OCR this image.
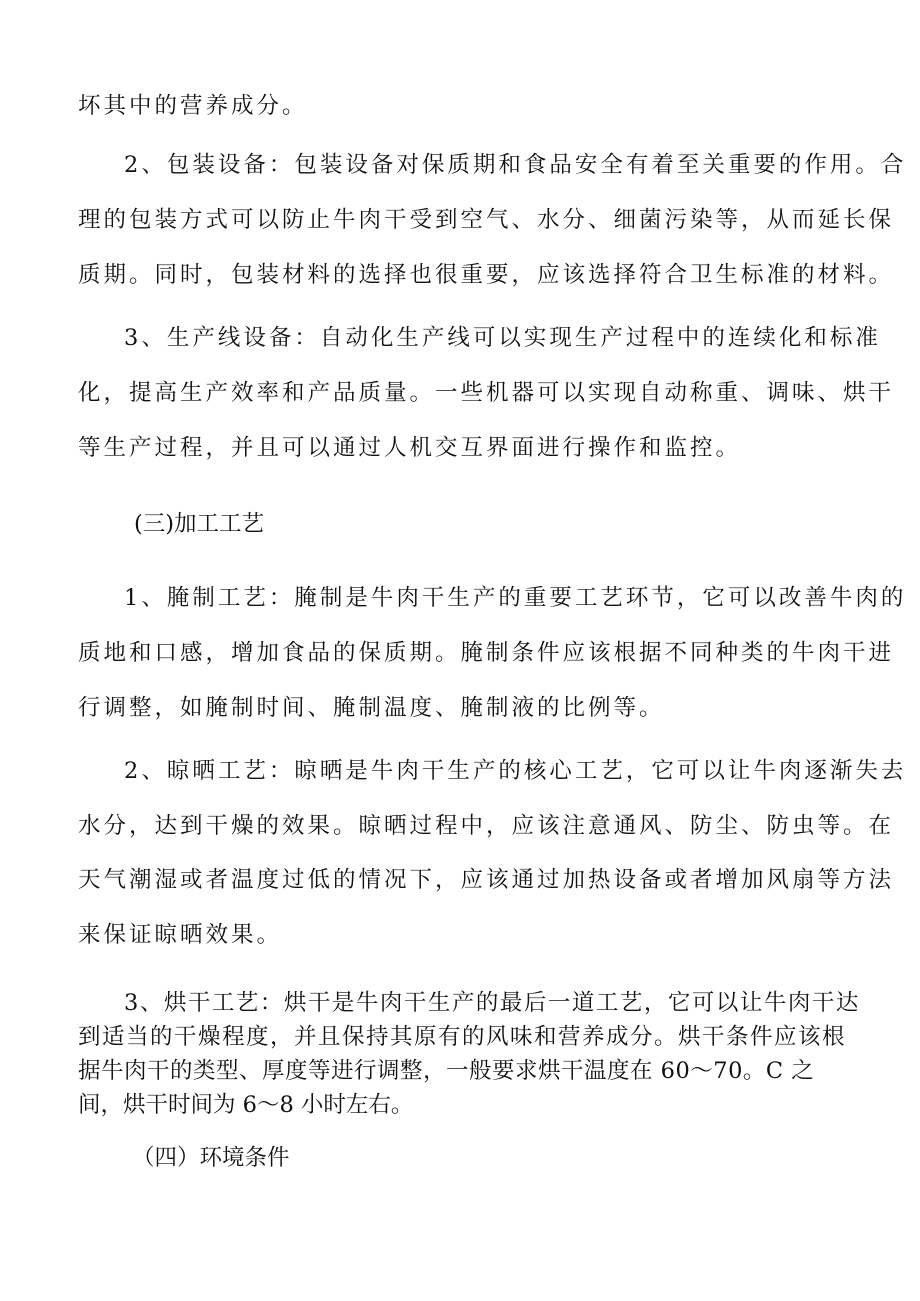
坏其中的营养成分。

2、包装设备：包装设备对保质期和食品安全有着至关重要的作用。合

理的包装方式可以防止牛肉干受到空气、水分、细菌污染等，从而延长保

质期。同时，包装材料的选择也很重要，应该选择符合卫生标准的材料。

3、生产线设备：自动化生产线可以实现生产过程中的连续化和标准

化，提高生产效率和产品质量。一些机器可以实现自动称重、调味、烘干

等生产过程，并且可以通过人机交互界面进行操作和监控。

(三)加工工艺

1、腌制工艺：腌制是牛肉干生产的重要工艺环节，它可以改善牛肉的

质地和口感，增加食品的保质期。腌制条件应该根据不同种类的牛肉干进

行调整，如腌制时间、腌制温度、腌制液的比例等。

2、晾晒工艺：晾晒是牛肉干生产的核心工艺，它可以让牛肉逐渐失去

水分，达到干燥的效果。晾晒过程中，应该注意通风、防尘、防虫等。在

天气潮湿或者温度过低的情况下，应该通过加热设备或者增加风扇等方法

来保证晾晒效果。

3、烘干工艺：烘干是牛肉干生产的最后一道工艺，它可以让牛肉干达

到适当的干燥程度，并且保持其原有的风味和营养成分。烘干条件应该根

据牛肉干的类型、厚度等进行调整，一般要求烘干温度在 60～70。C 之

间，烘干时间为 6～8 小时左右。

（四）环境条件
